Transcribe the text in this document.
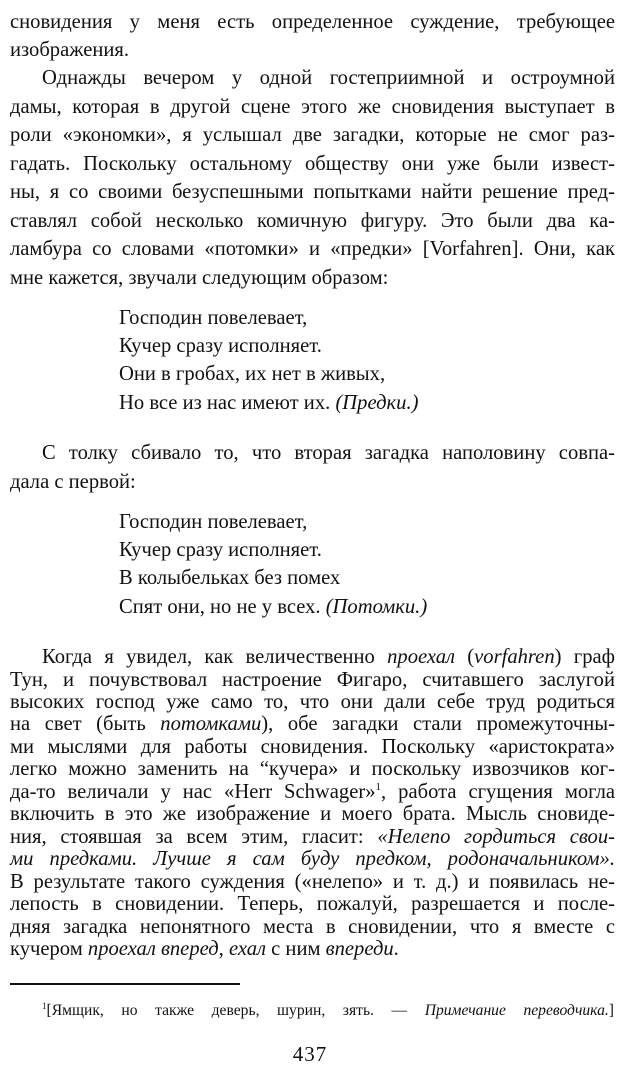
сновидения у меня есть определенное суждение, требующее
изображения.
Однажды вечером у одной гостеприимной и остроумной
дамы, которая в другой сцене этого же сновидения выступает в
роли «экономки», я услышал две загадки, которые не смог раз-
гадать. Поскольку остальному обществу они уже были извест-
ны, я со своими безуспешными попытками найти решение пред-
ставлял собой несколько комичную фигуру. Это были два ка-
ламбура со словами «потомки» и «предки» [Vorfahren]. Они, как
мне кажется, звучали следующим образом:
Господин повелевает,
Кучер сразу исполняет.
Они в гробах, их нет в живых,
Но все из нас имеют их. (Предки.)
С толку сбивало то, что вторая загадка наполовину совпа-
дала с первой:
Господин повелевает,
Кучер сразу исполняет.
В колыбельках без помех
Спят они, но не у всех. (Потомки.)
Когда я увидел, как величественно проехал (vorfahren) граф
Тун, и почувствовал настроение Фигаро, считавшего заслугой
высоких господ уже само то, что они дали себе труд родиться
на свет (быть потомками), обе загадки стали промежуточны-
ми мыслями для работы сновидения. Поскольку «аристократа»
легко можно заменить на “кучера» и поскольку извозчиков ког-
да-то величали у нас «Herr Schwager»$^1$, работа сгущения могла
включить в это же изображение и моего брата. Мысль сновиде-
ния, стоявшая за всем этим, гласит: «Нелепо гордиться свои-
ми предками. Лучше я сам буду предком, родоначальником».
В результате такого суждения («нелепо» и т. д.) и появилась не-
лепость в сновидении. Теперь, пожалуй, разрешается и после-
дняя загадка непонятного места в сновидении, что я вместе с
кучером проехал вперед, ехал с ним впереди.
$^1$[Ямщик, но также деверь, шурин, зять. — Примечание переводчика.]
437
